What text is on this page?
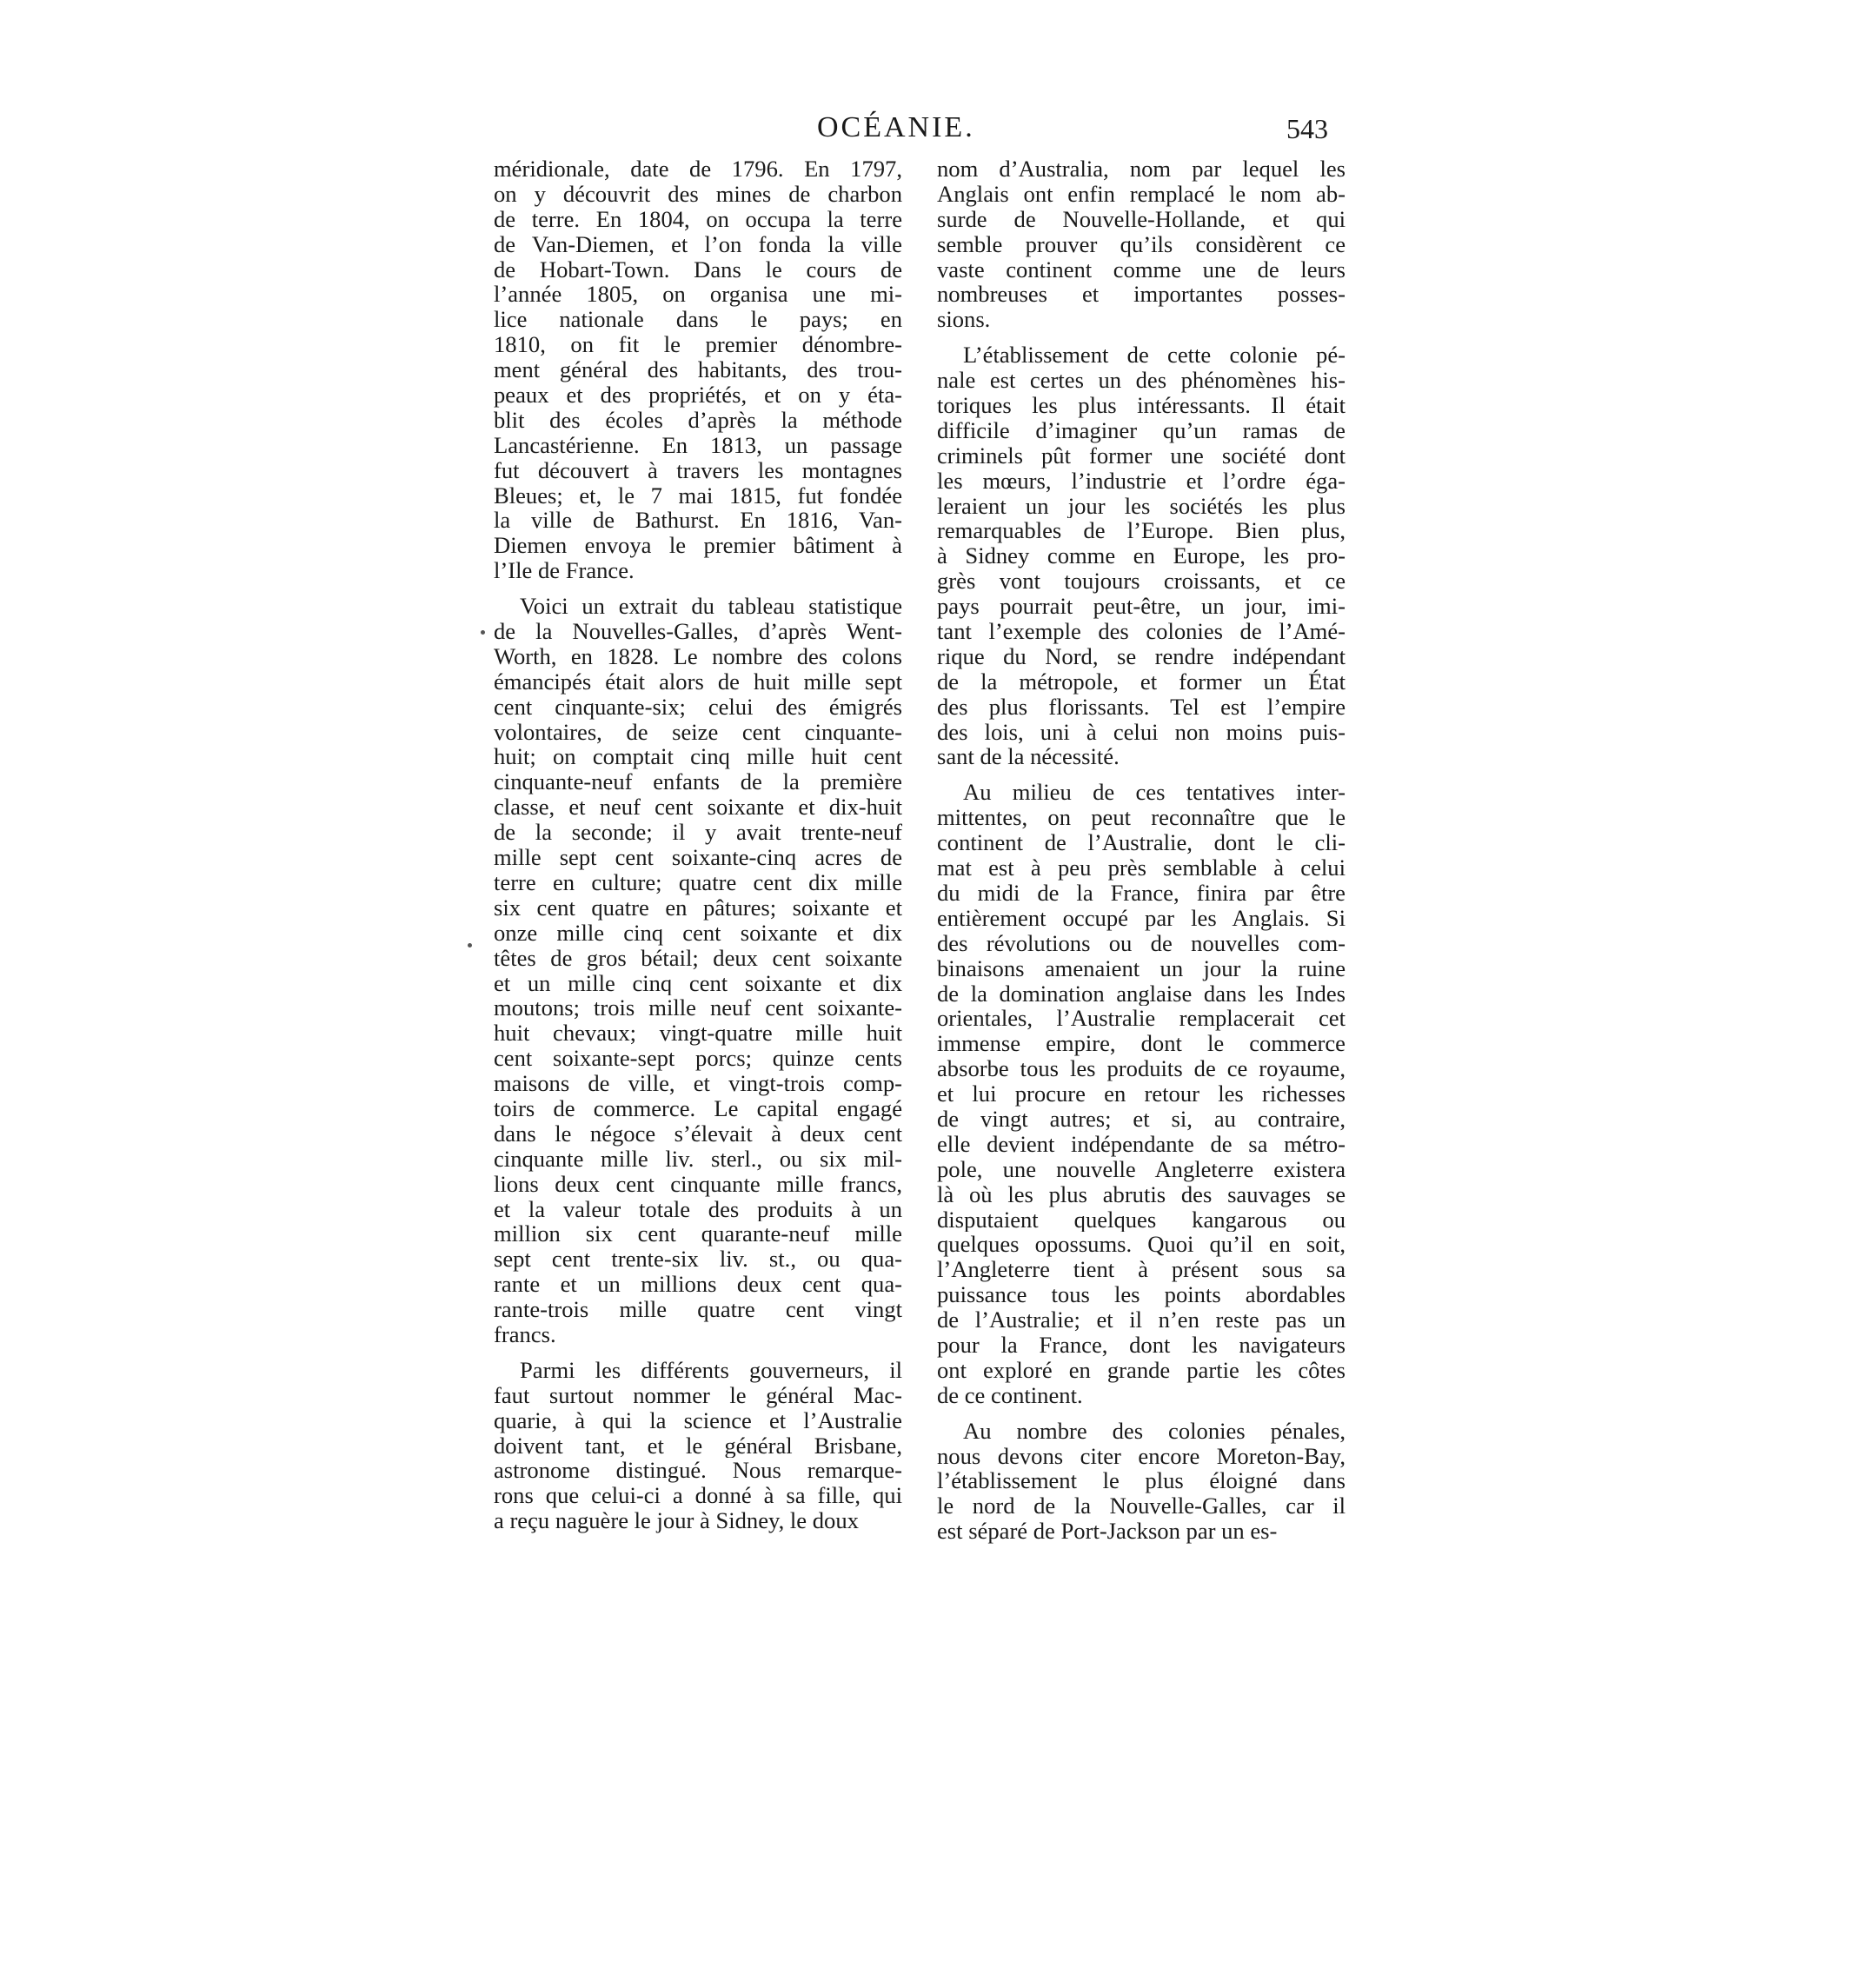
OCÉANIE.	543
méridionale, date de 1796. En 1797,
on y découvrit des mines de charbon
de terre. En 1804, on occupa la terre
de Van-Diemen, et l’on fonda la ville
de Hobart-Town. Dans le cours de
l’année 1805, on organisa une mi-
lice nationale dans le pays; en
1810, on fit le premier dénombre-
ment général des habitants, des trou-
peaux et des propriétés, et on y éta-
blit des écoles d’après la méthode
Lancastérienne. En 1813, un passage
fut découvert à travers les montagnes
Bleues; et, le 7 mai 1815, fut fondée
la ville de Bathurst. En 1816, Van-
Diemen envoya le premier bâtiment à
l’Ile de France.
Voici un extrait du tableau statistique
de la Nouvelles-Galles, d’après Went-
Worth, en 1828. Le nombre des colons
émancipés était alors de huit mille sept
cent cinquante-six; celui des émigrés
volontaires, de seize cent cinquante-
huit; on comptait cinq mille huit cent
cinquante-neuf enfants de la première
classe, et neuf cent soixante et dix-huit
de la seconde; il y avait trente-neuf
mille sept cent soixante-cinq acres de
terre en culture; quatre cent dix mille
six cent quatre en pâtures; soixante et
onze mille cinq cent soixante et dix
têtes de gros bétail; deux cent soixante
et un mille cinq cent soixante et dix
moutons; trois mille neuf cent soixante-
huit chevaux; vingt-quatre mille huit
cent soixante-sept porcs; quinze cents
maisons de ville, et vingt-trois comp-
toirs de commerce. Le capital engagé
dans le négoce s’élevait à deux cent
cinquante mille liv. sterl., ou six mil-
lions deux cent cinquante mille francs,
et la valeur totale des produits à un
million six cent quarante-neuf mille
sept cent trente-six liv. st., ou qua-
rante et un millions deux cent qua-
rante-trois mille quatre cent vingt
francs.
Parmi les différents gouverneurs, il
faut surtout nommer le général Mac-
quarie, à qui la science et l’Australie
doivent tant, et le général Brisbane,
astronome distingué. Nous remarque-
rons que celui-ci a donné à sa fille, qui
a reçu naguère le jour à Sidney, le doux
nom d’Australia, nom par lequel les
Anglais ont enfin remplacé le nom ab-
surde de Nouvelle-Hollande, et qui
semble prouver qu’ils considèrent ce
vaste continent comme une de leurs
nombreuses et importantes posses-
sions.
L’établissement de cette colonie pé-
nale est certes un des phénomènes his-
toriques les plus intéressants. Il était
difficile d’imaginer qu’un ramas de
criminels pût former une société dont
les mœurs, l’industrie et l’ordre éga-
leraient un jour les sociétés les plus
remarquables de l’Europe. Bien plus,
à Sidney comme en Europe, les pro-
grès vont toujours croissants, et ce
pays pourrait peut-être, un jour, imi-
tant l’exemple des colonies de l’Amé-
rique du Nord, se rendre indépendant
de la métropole, et former un État
des plus florissants. Tel est l’empire
des lois, uni à celui non moins puis-
sant de la nécessité.
Au milieu de ces tentatives inter-
mittentes, on peut reconnaître que le
continent de l’Australie, dont le cli-
mat est à peu près semblable à celui
du midi de la France, finira par être
entièrement occupé par les Anglais. Si
des révolutions ou de nouvelles com-
binaisons amenaient un jour la ruine
de la domination anglaise dans les Indes
orientales, l’Australie remplacerait cet
immense empire, dont le commerce
absorbe tous les produits de ce royaume,
et lui procure en retour les richesses
de vingt autres; et si, au contraire,
elle devient indépendante de sa métro-
pole, une nouvelle Angleterre existera
là où les plus abrutis des sauvages se
disputaient quelques kangarous ou
quelques opossums. Quoi qu’il en soit,
l’Angleterre tient à présent sous sa
puissance tous les points abordables
de l’Australie; et il n’en reste pas un
pour la France, dont les navigateurs
ont exploré en grande partie les côtes
de ce continent.
Au nombre des colonies pénales,
nous devons citer encore Moreton-Bay,
l’établissement le plus éloigné dans
le nord de la Nouvelle-Galles, car il
est séparé de Port-Jackson par un es-
